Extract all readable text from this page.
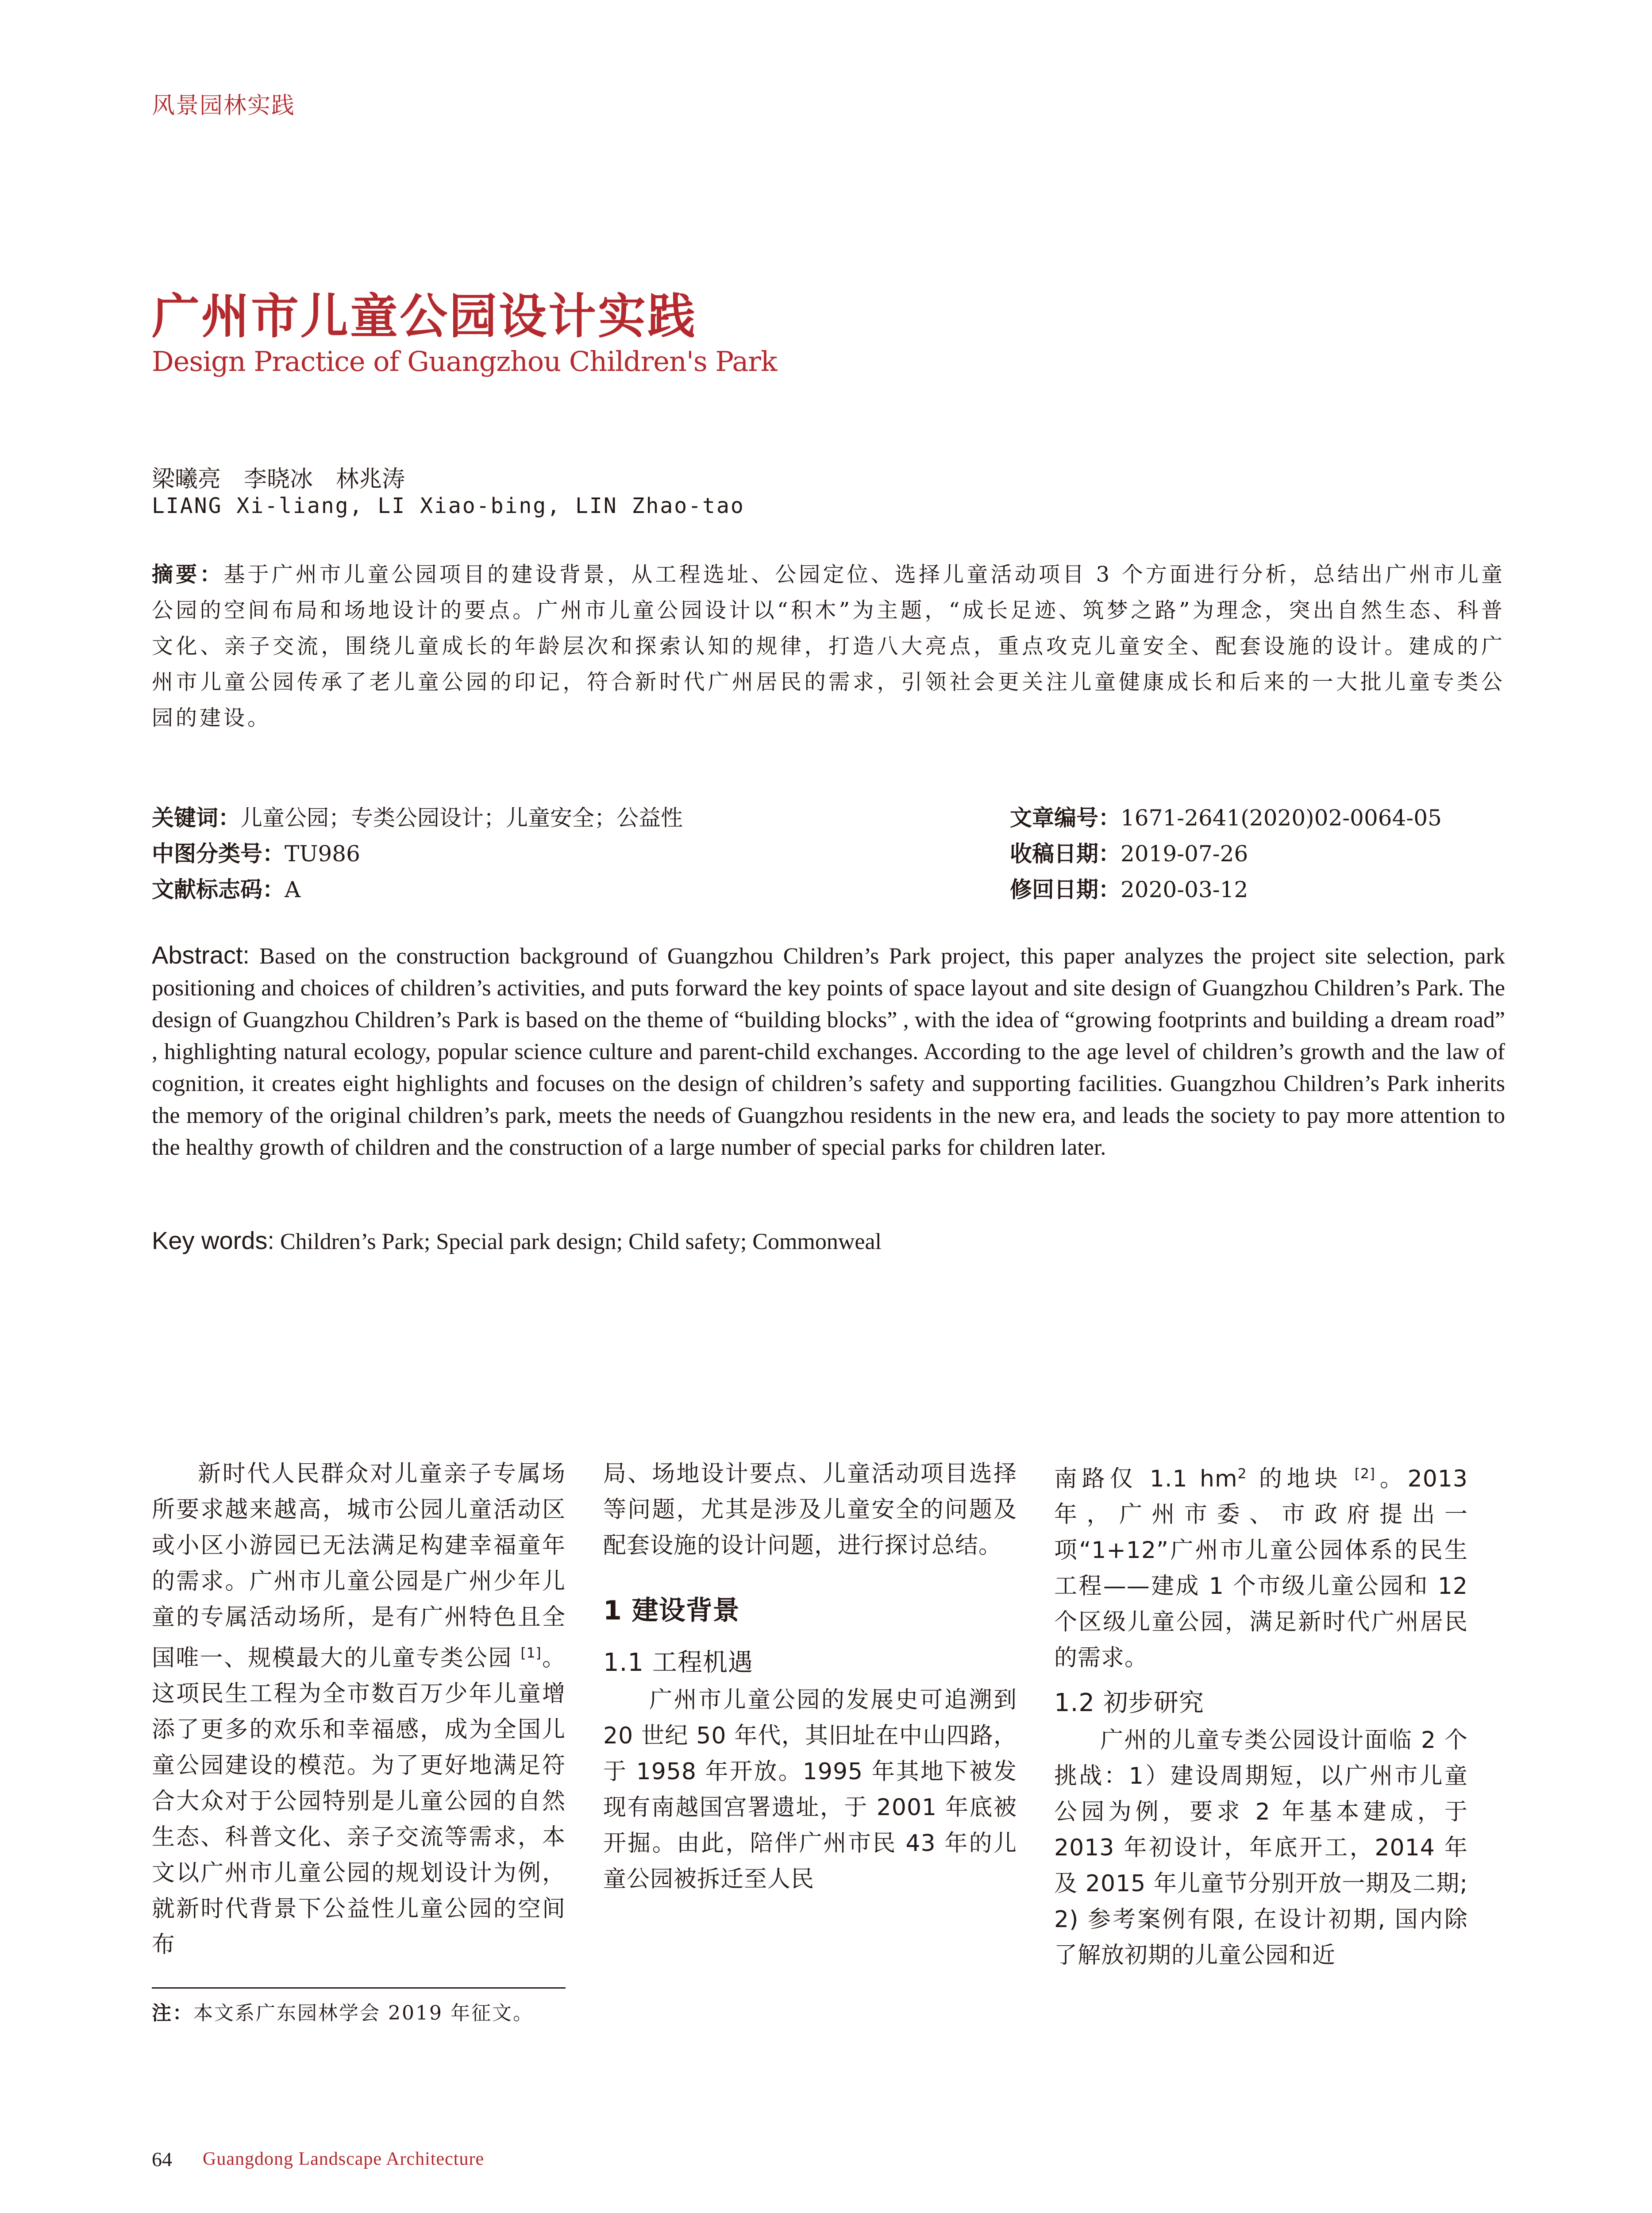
风景园林实践
广州市儿童公园设计实践
Design Practice of Guangzhou Children's Park
梁曦亮　李晓冰　林兆涛
LIANG Xi-liang, LI Xiao-bing, LIN Zhao-tao
摘要：基于广州市儿童公园项目的建设背景，从工程选址、公园定位、选择儿童活动项目 3 个方面进行分析，总结出广州市儿童公园的空间布局和场地设计的要点。广州市儿童公园设计以“积木”为主题，“成长足迹、筑梦之路”为理念，突出自然生态、科普文化、亲子交流，围绕儿童成长的年龄层次和探索认知的规律，打造八大亮点，重点攻克儿童安全、配套设施的设计。建成的广州市儿童公园传承了老儿童公园的印记，符合新时代广州居民的需求，引领社会更关注儿童健康成长和后来的一大批儿童专类公园的建设。
关键词：儿童公园；专类公园设计；儿童安全；公益性
中图分类号：TU986
文献标志码：A
文章编号：1671-2641(2020)02-0064-05
收稿日期：2019-07-26
修回日期：2020-03-12
Abstract: Based on the construction background of Guangzhou Children’s Park project, this paper analyzes the project site selection, park positioning and choices of children’s activities, and puts forward the key points of space layout and site design of Guangzhou Children’s Park. The design of Guangzhou Children’s Park is based on the theme of “building blocks” , with the idea of “growing footprints and building a dream road” , highlighting natural ecology, popular science culture and parent-child exchanges. According to the age level of children’s growth and the law of cognition, it creates eight highlights and focuses on the design of children’s safety and supporting facilities. Guangzhou Children’s Park inherits the memory of the original children’s park, meets the needs of Guangzhou residents in the new era, and leads the society to pay more attention to the healthy growth of children and the construction of a large number of special parks for children later.
Key words: Children’s Park; Special park design; Child safety; Commonweal

新时代人民群众对儿童亲子专属场所要求越来越高，城市公园儿童活动区或小区小游园已无法满足构建幸福童年的需求。广州市儿童公园是广州少年儿童的专属活动场所，是有广州特色且全国唯一、规模最大的儿童专类公园 [1]。这项民生工程为全市数百万少年儿童增添了更多的欢乐和幸福感，成为全国儿童公园建设的模范。为了更好地满足符合大众对于公园特别是儿童公园的自然生态、科普文化、亲子交流等需求，本文以广州市儿童公园的规划设计为例，就新时代背景下公益性儿童公园的空间布

局、场地设计要点、儿童活动项目选择等问题，尤其是涉及儿童安全的问题及配套设施的设计问题，进行探讨总结。

1 建设背景

1.1 工程机遇

广州市儿童公园的发展史可追溯到 20 世纪 50 年代，其旧址在中山四路，于 1958 年开放。1995 年其地下被发现有南越国宫署遗址，于 2001 年底被开掘。由此，陪伴广州市民 43 年的儿童公园被拆迁至人民

南路仅 1.1 $hm^2$ 的地块 [2]。2013 年，广州市委、市政府提出一项“1+12”广州市儿童公园体系的民生工程——建成 1 个市级儿童公园和 12 个区级儿童公园，满足新时代广州居民的需求。

1.2 初步研究

广州的儿童专类公园设计面临 2 个挑战：1）建设周期短，以广州市儿童公园为例，要求 2 年基本建成，于 2013 年初设计，年底开工，2014 年及 2015 年儿童节分别开放一期及二期; 2) 参考案例有限, 在设计初期, 国内除了解放初期的儿童公园和近

注：本文系广东园林学会 2019 年征文。
64 Guangdong Landscape Architecture
